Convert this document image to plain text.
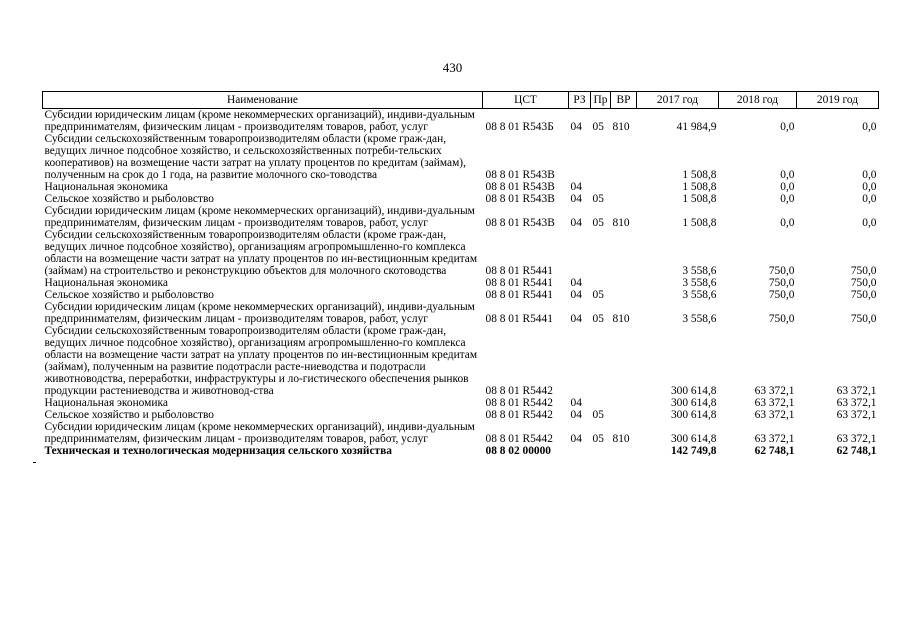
430
Наименование	ЦСТ	РЗ	Пр	ВР	2017 год	2018 год	2019 год
Субсидии юридическим лицам (кроме некоммерческих организаций), индиви-дуальным предпринимателям, физическим лицам - производителям товаров, работ, услуг	08 8 01 R543Б	04	05	810	41 984,9	0,0	0,0
Субсидии сельскохозяйственным товаропроизводителям области (кроме граж-дан, ведущих личное подсобное хозяйство, и сельскохозяйственных потреби-тельских кооперативов) на возмещение части затрат на уплату процентов по кредитам (займам), полученным на срок до 1 года, на развитие молочного ско-товодства	08 8 01 R543В				1 508,8	0,0	0,0
Национальная экономика	08 8 01 R543В	04			1 508,8	0,0	0,0
Сельское хозяйство и рыболовство	08 8 01 R543В	04	05		1 508,8	0,0	0,0
Субсидии юридическим лицам (кроме некоммерческих организаций), индиви-дуальным предпринимателям, физическим лицам - производителям товаров, работ, услуг	08 8 01 R543В	04	05	810	1 508,8	0,0	0,0
Субсидии сельскохозяйственным товаропроизводителям области (кроме граж-дан, ведущих личное подсобное хозяйство), организациям агропромышленно-го комплекса области на возмещение части затрат на уплату процентов по ин-вестиционным кредитам (займам) на строительство и реконструкцию объектов для молочного скотоводства	08 8 01 R5441				3 558,6	750,0	750,0
Национальная экономика	08 8 01 R5441	04			3 558,6	750,0	750,0
Сельское хозяйство и рыболовство	08 8 01 R5441	04	05		3 558,6	750,0	750,0
Субсидии юридическим лицам (кроме некоммерческих организаций), индиви-дуальным предпринимателям, физическим лицам - производителям товаров, работ, услуг	08 8 01 R5441	04	05	810	3 558,6	750,0	750,0
Субсидии сельскохозяйственным товаропроизводителям области (кроме граж-дан, ведущих личное подсобное хозяйство), организациям агропромышленно-го комплекса области на возмещение части затрат на уплату процентов по ин-вестиционным кредитам (займам), полученным на развитие подотрасли расте-ниеводства и подотрасли животноводства, переработки, инфраструктуры и ло-гистического обеспечения рынков продукции растениеводства и животновод-ства	08 8 01 R5442				300 614,8	63 372,1	63 372,1
Национальная экономика	08 8 01 R5442	04			300 614,8	63 372,1	63 372,1
Сельское хозяйство и рыболовство	08 8 01 R5442	04	05		300 614,8	63 372,1	63 372,1
Субсидии юридическим лицам (кроме некоммерческих организаций), индиви-дуальным предпринимателям, физическим лицам - производителям товаров, работ, услуг	08 8 01 R5442	04	05	810	300 614,8	63 372,1	63 372,1
Техническая и технологическая модернизация сельского хозяйства	08 8 02 00000				142 749,8	62 748,1	62 748,1
